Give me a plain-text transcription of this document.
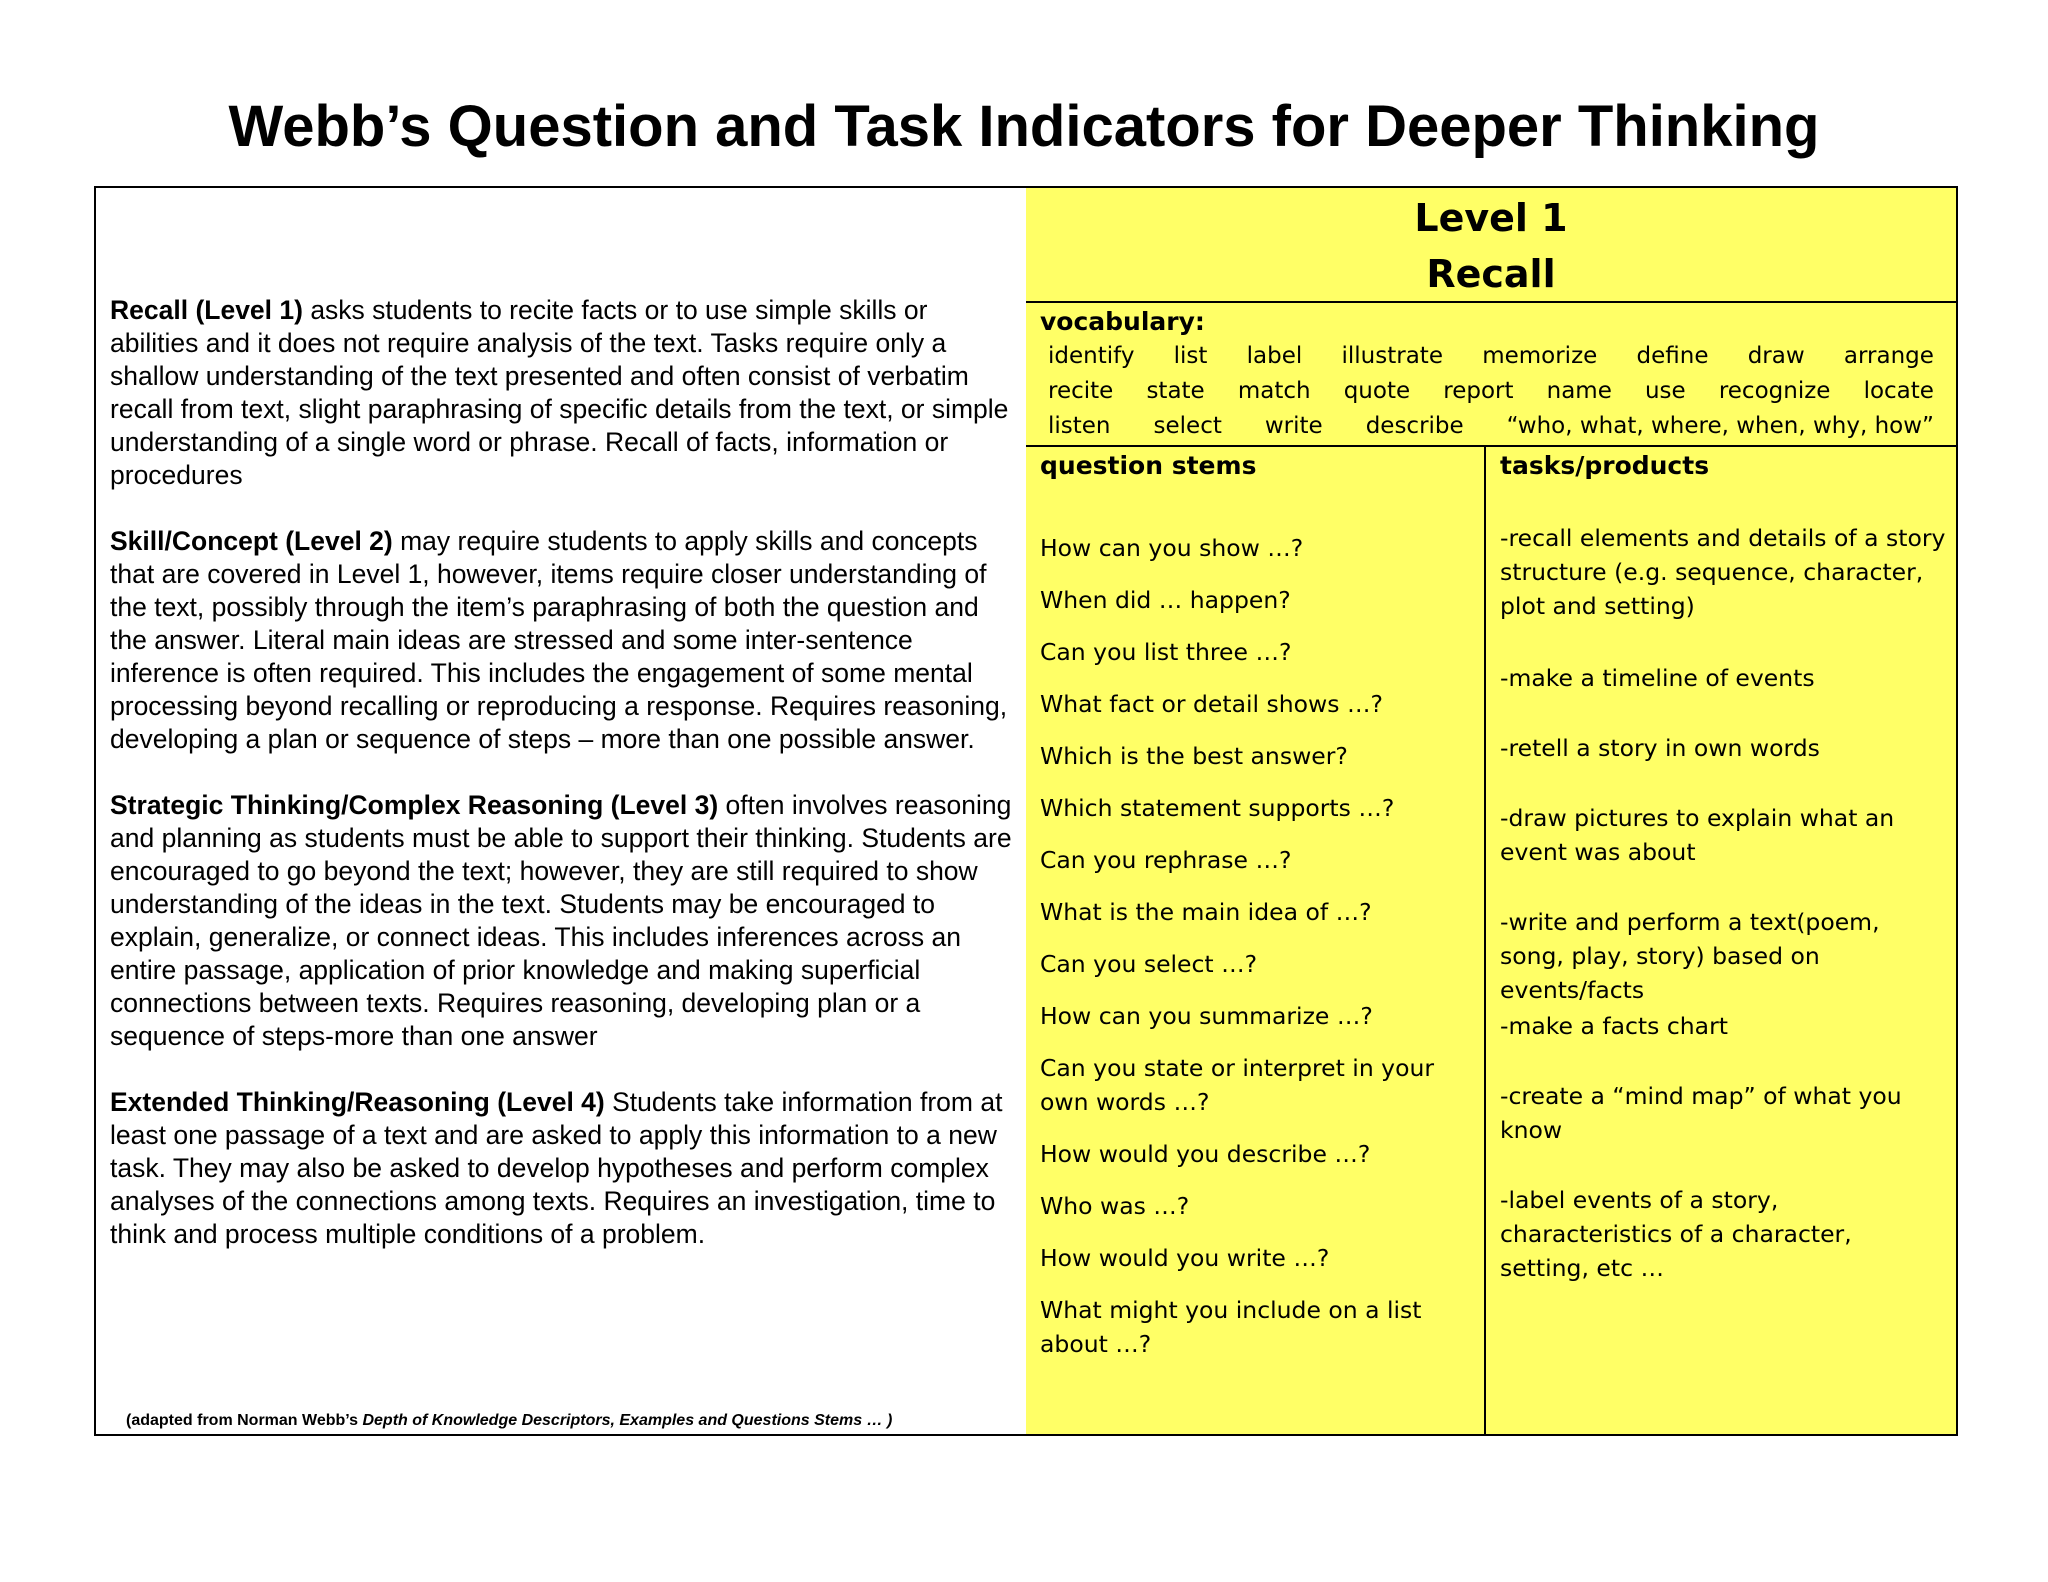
Webb’s Question and Task Indicators for Deeper Thinking

Recall (Level 1) asks students to recite facts or to use simple skills or abilities and it does not require analysis of the text. Tasks require only a shallow understanding of the text presented and often consist of verbatim recall from text, slight paraphrasing of specific details from the text, or simple understanding of a single word or phrase. Recall of facts, information or procedures

Skill/Concept (Level 2) may require students to apply skills and concepts that are covered in Level 1, however, items require closer understanding of the text, possibly through the item’s paraphrasing of both the question and the answer. Literal main ideas are stressed and some inter-sentence inference is often required. This includes the engagement of some mental processing beyond recalling or reproducing a response. Requires reasoning, developing a plan or sequence of steps – more than one possible answer.

Strategic Thinking/Complex Reasoning (Level 3) often involves reasoning and planning as students must be able to support their thinking. Students are encouraged to go beyond the text; however, they are still required to show understanding of the ideas in the text. Students may be encouraged to explain, generalize, or connect ideas. This includes inferences across an entire passage, application of prior knowledge and making superficial connections between texts. Requires reasoning, developing plan or a sequence of steps-more than one answer

Extended Thinking/Reasoning (Level 4) Students take information from at least one passage of a text and are asked to apply this information to a new task. They may also be asked to develop hypotheses and perform complex analyses of the connections among texts. Requires an investigation, time to think and process multiple conditions of a problem.

(adapted from Norman Webb’s Depth of Knowledge Descriptors, Examples and Questions Stems … )
Level 1
Recall
vocabulary:
identify list label illustrate memorize define draw arrange
recite state match quote report name use recognize locate
listen select write describe “who, what, where, when, why, how”
question stems
How can you show …?
When did … happen?
Can you list three …?
What fact or detail shows …?
Which is the best answer?
Which statement supports …?
Can you rephrase …?
What is the main idea of …?
Can you select …?
How can you summarize …?
Can you state or interpret in your own words …?
How would you describe …?
Who was …?
How would you write …?
What might you include on a list about …?
tasks/products
-recall elements and details of a story structure (e.g. sequence, character, plot and setting)
-make a timeline of events
-retell a story in own words
-draw pictures to explain what an event was about
-write and perform a text(poem, song, play, story) based on events/facts
-make a facts chart
-create a “mind map” of what you know
-label events of a story, characteristics of a character, setting, etc …
